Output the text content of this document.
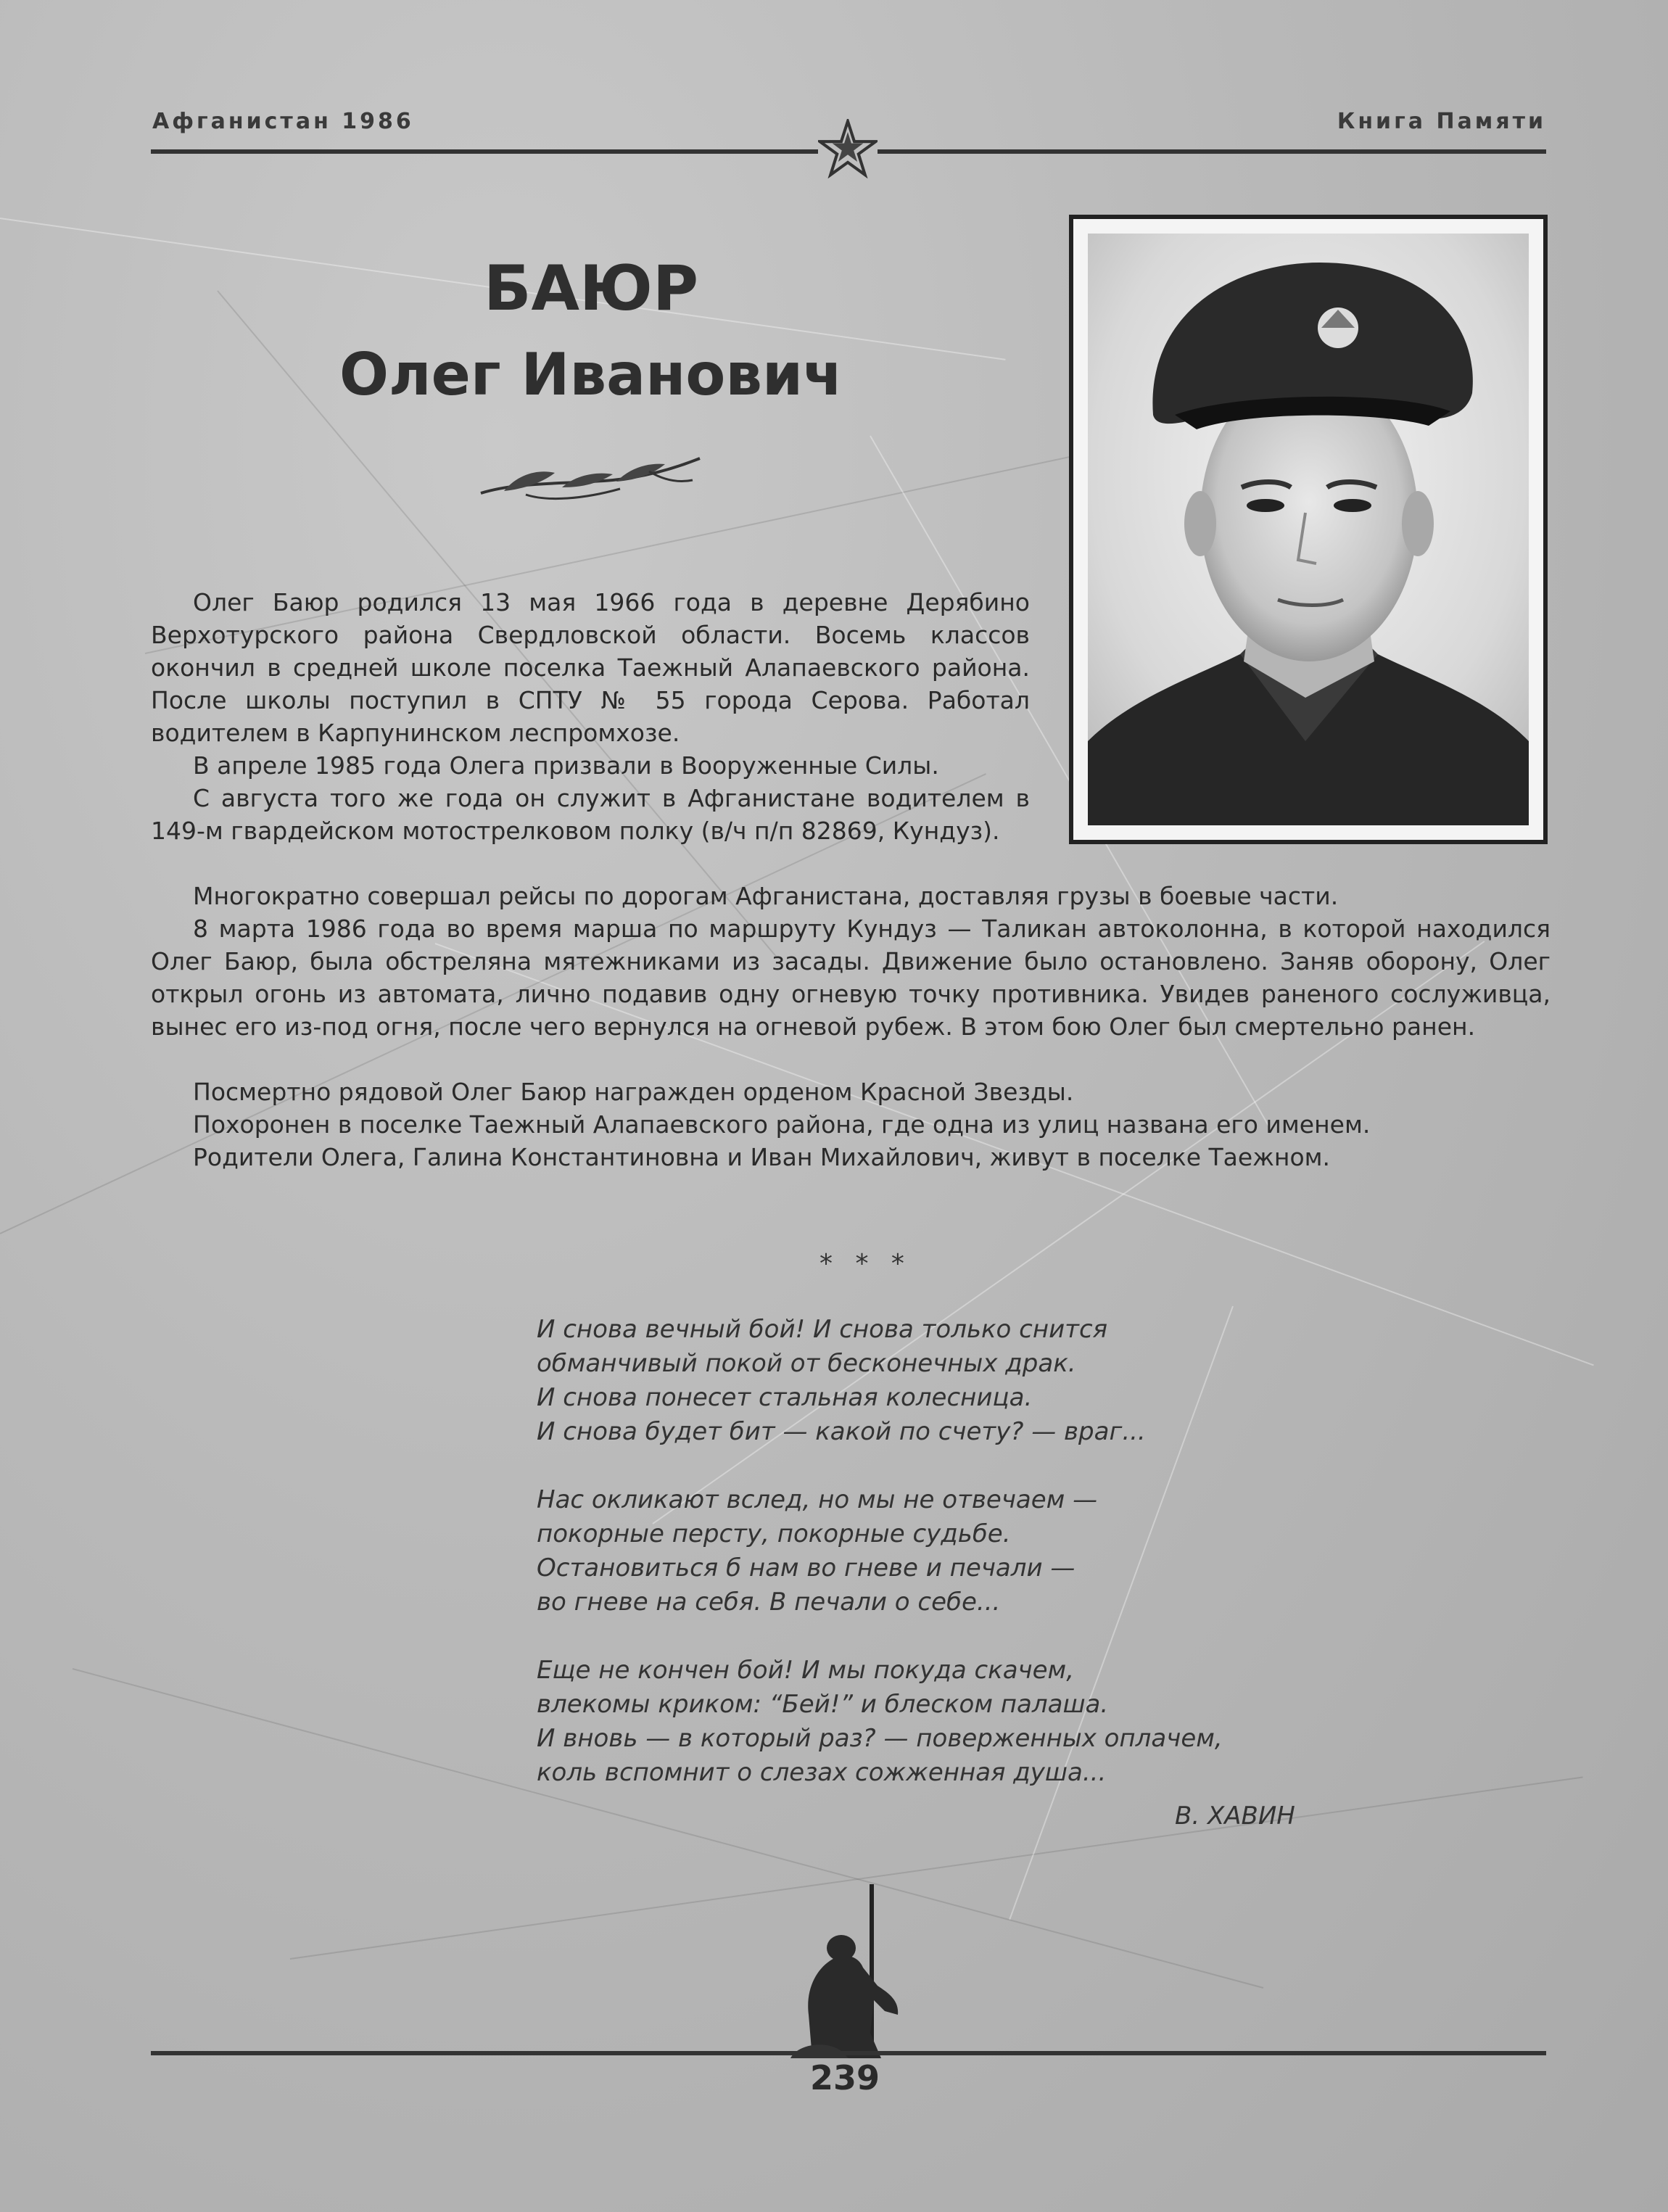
Афганистан 1986	Книга Памяти
БАЮР
Олег Иванович

Олег Баюр родился 13 мая 1966 года в деревне Дерябино Верхотурского района Свердловской области. Восемь классов окончил в средней школе поселка Таежный Алапаевского района. После школы поступил в СПТУ № 55 города Серова. Работал водителем в Карпунинском леспромхозе.

В апреле 1985 года Олега призвали в Вооруженные Силы.

С августа того же года он служит в Афганистане водителем в 149-м гвардейском мотострелковом полку (в/ч п/п 82869, Кундуз).

Многократно совершал рейсы по дорогам Афганистана, доставляя грузы в боевые части.

8 марта 1986 года во время марша по маршруту Кундуз — Таликан автоколонна, в которой находился Олег Баюр, была обстреляна мятежниками из засады. Движение было остановлено. Заняв оборону, Олег открыл огонь из автомата, лично подавив одну огневую точку противника. Увидев раненого сослуживца, вынес его из-под огня, после чего вернулся на огневой рубеж. В этом бою Олег был смертельно ранен.

Посмертно рядовой Олег Баюр награжден орденом Красной Звезды.

Похоронен в поселке Таежный Алапаевского района, где одна из улиц названа его именем.

Родители Олега, Галина Константиновна и Иван Михайлович, живут в поселке Таежном.

* * *
И снова вечный бой! И снова только снится
обманчивый покой от бесконечных драк.
И снова понесет стальная колесница.
И снова будет бит — какой по счету? — враг...
Нас окликают вслед, но мы не отвечаем —
покорные персту, покорные судьбе.
Остановиться б нам во гневе и печали —
во гневе на себя. В печали о себе...
Еще не кончен бой! И мы покуда скачем,
влекомы криком: “Бей!” и блеском палаша.
И вновь — в который раз? — поверженных оплачем,
коль вспомнит о слезах сожженная душа...
В. ХАВИН
239
